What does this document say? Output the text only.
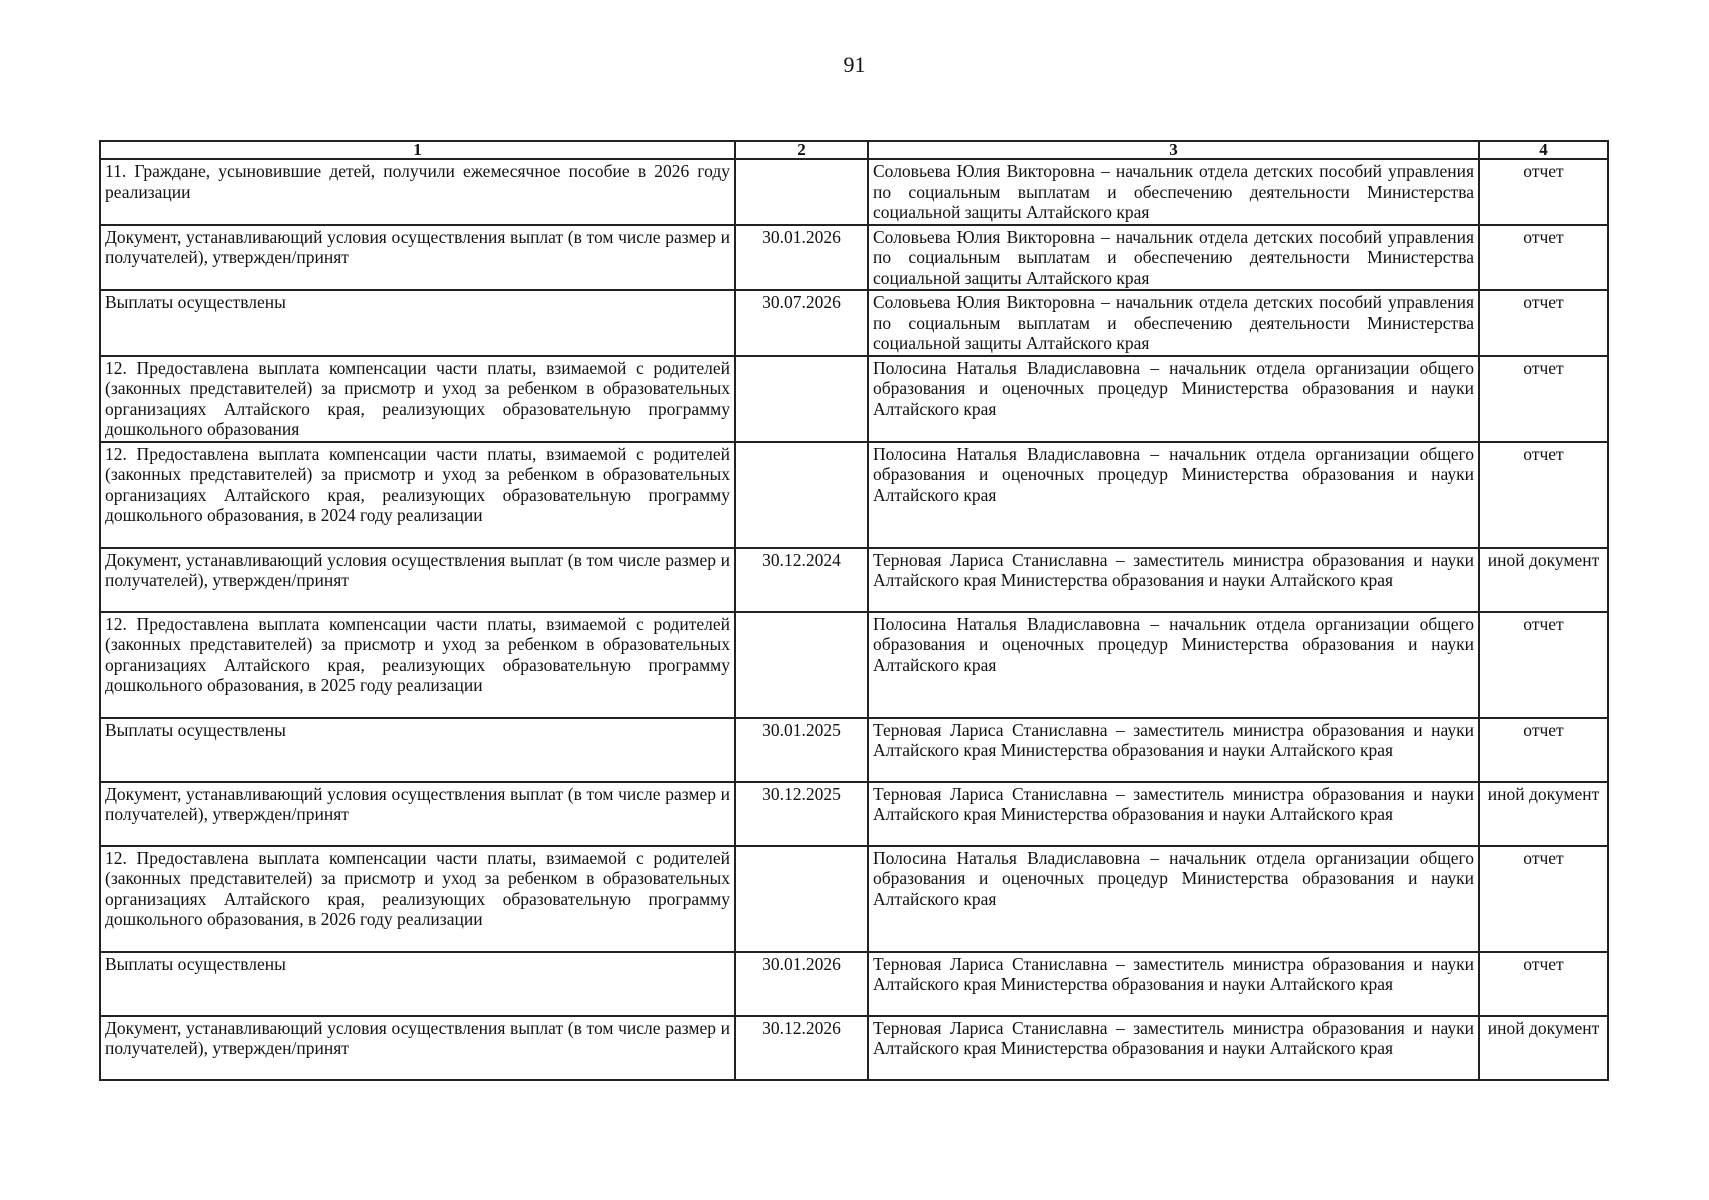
91
1	2	3	4
11. Граждане, усыновившие детей, получили ежемесячное пособие в 2026 году реализации		Соловьева Юлия Викторовна – начальник отдела детских пособий управления по социальным выплатам и обеспечению деятельности Министерства социальной защиты Алтайского края	отчет
Документ, устанавливающий условия осуществления выплат (в том числе размер и получателей), утвержден/принят	30.01.2026	Соловьева Юлия Викторовна – начальник отдела детских пособий управления по социальным выплатам и обеспечению деятельности Министерства социальной защиты Алтайского края	отчет
Выплаты осуществлены	30.07.2026	Соловьева Юлия Викторовна – начальник отдела детских пособий управления по социальным выплатам и обеспечению деятельности Министерства социальной защиты Алтайского края	отчет
12. Предоставлена выплата компенсации части платы, взимаемой с родителей (законных представителей) за присмотр и уход за ребенком в образовательных организациях Алтайского края, реализующих образовательную программу дошкольного образования		Полосина Наталья Владиславовна – начальник отдела организации общего образования и оценочных процедур Министерства образования и науки Алтайского края	отчет
12. Предоставлена выплата компенсации части платы, взимаемой с родителей (законных представителей) за присмотр и уход за ребенком в образовательных организациях Алтайского края, реализующих образовательную программу дошкольного образования, в 2024 году реализации		Полосина Наталья Владиславовна – начальник отдела организации общего образования и оценочных процедур Министерства образования и науки Алтайского края	отчет
Документ, устанавливающий условия осуществления выплат (в том числе размер и получателей), утвержден/принят	30.12.2024	Терновая Лариса Станиславна – заместитель министра образования и науки Алтайского края Министерства образования и науки Алтайского края	иной документ
12. Предоставлена выплата компенсации части платы, взимаемой с родителей (законных представителей) за присмотр и уход за ребенком в образовательных организациях Алтайского края, реализующих образовательную программу дошкольного образования, в 2025 году реализации		Полосина Наталья Владиславовна – начальник отдела организации общего образования и оценочных процедур Министерства образования и науки Алтайского края	отчет
Выплаты осуществлены	30.01.2025	Терновая Лариса Станиславна – заместитель министра образования и науки Алтайского края Министерства образования и науки Алтайского края	отчет
Документ, устанавливающий условия осуществления выплат (в том числе размер и получателей), утвержден/принят	30.12.2025	Терновая Лариса Станиславна – заместитель министра образования и науки Алтайского края Министерства образования и науки Алтайского края	иной документ
12. Предоставлена выплата компенсации части платы, взимаемой с родителей (законных представителей) за присмотр и уход за ребенком в образовательных организациях Алтайского края, реализующих образовательную программу дошкольного образования, в 2026 году реализации		Полосина Наталья Владиславовна – начальник отдела организации общего образования и оценочных процедур Министерства образования и науки Алтайского края	отчет
Выплаты осуществлены	30.01.2026	Терновая Лариса Станиславна – заместитель министра образования и науки Алтайского края Министерства образования и науки Алтайского края	отчет
Документ, устанавливающий условия осуществления выплат (в том числе размер и получателей), утвержден/принят	30.12.2026	Терновая Лариса Станиславна – заместитель министра образования и науки Алтайского края Министерства образования и науки Алтайского края	иной документ
